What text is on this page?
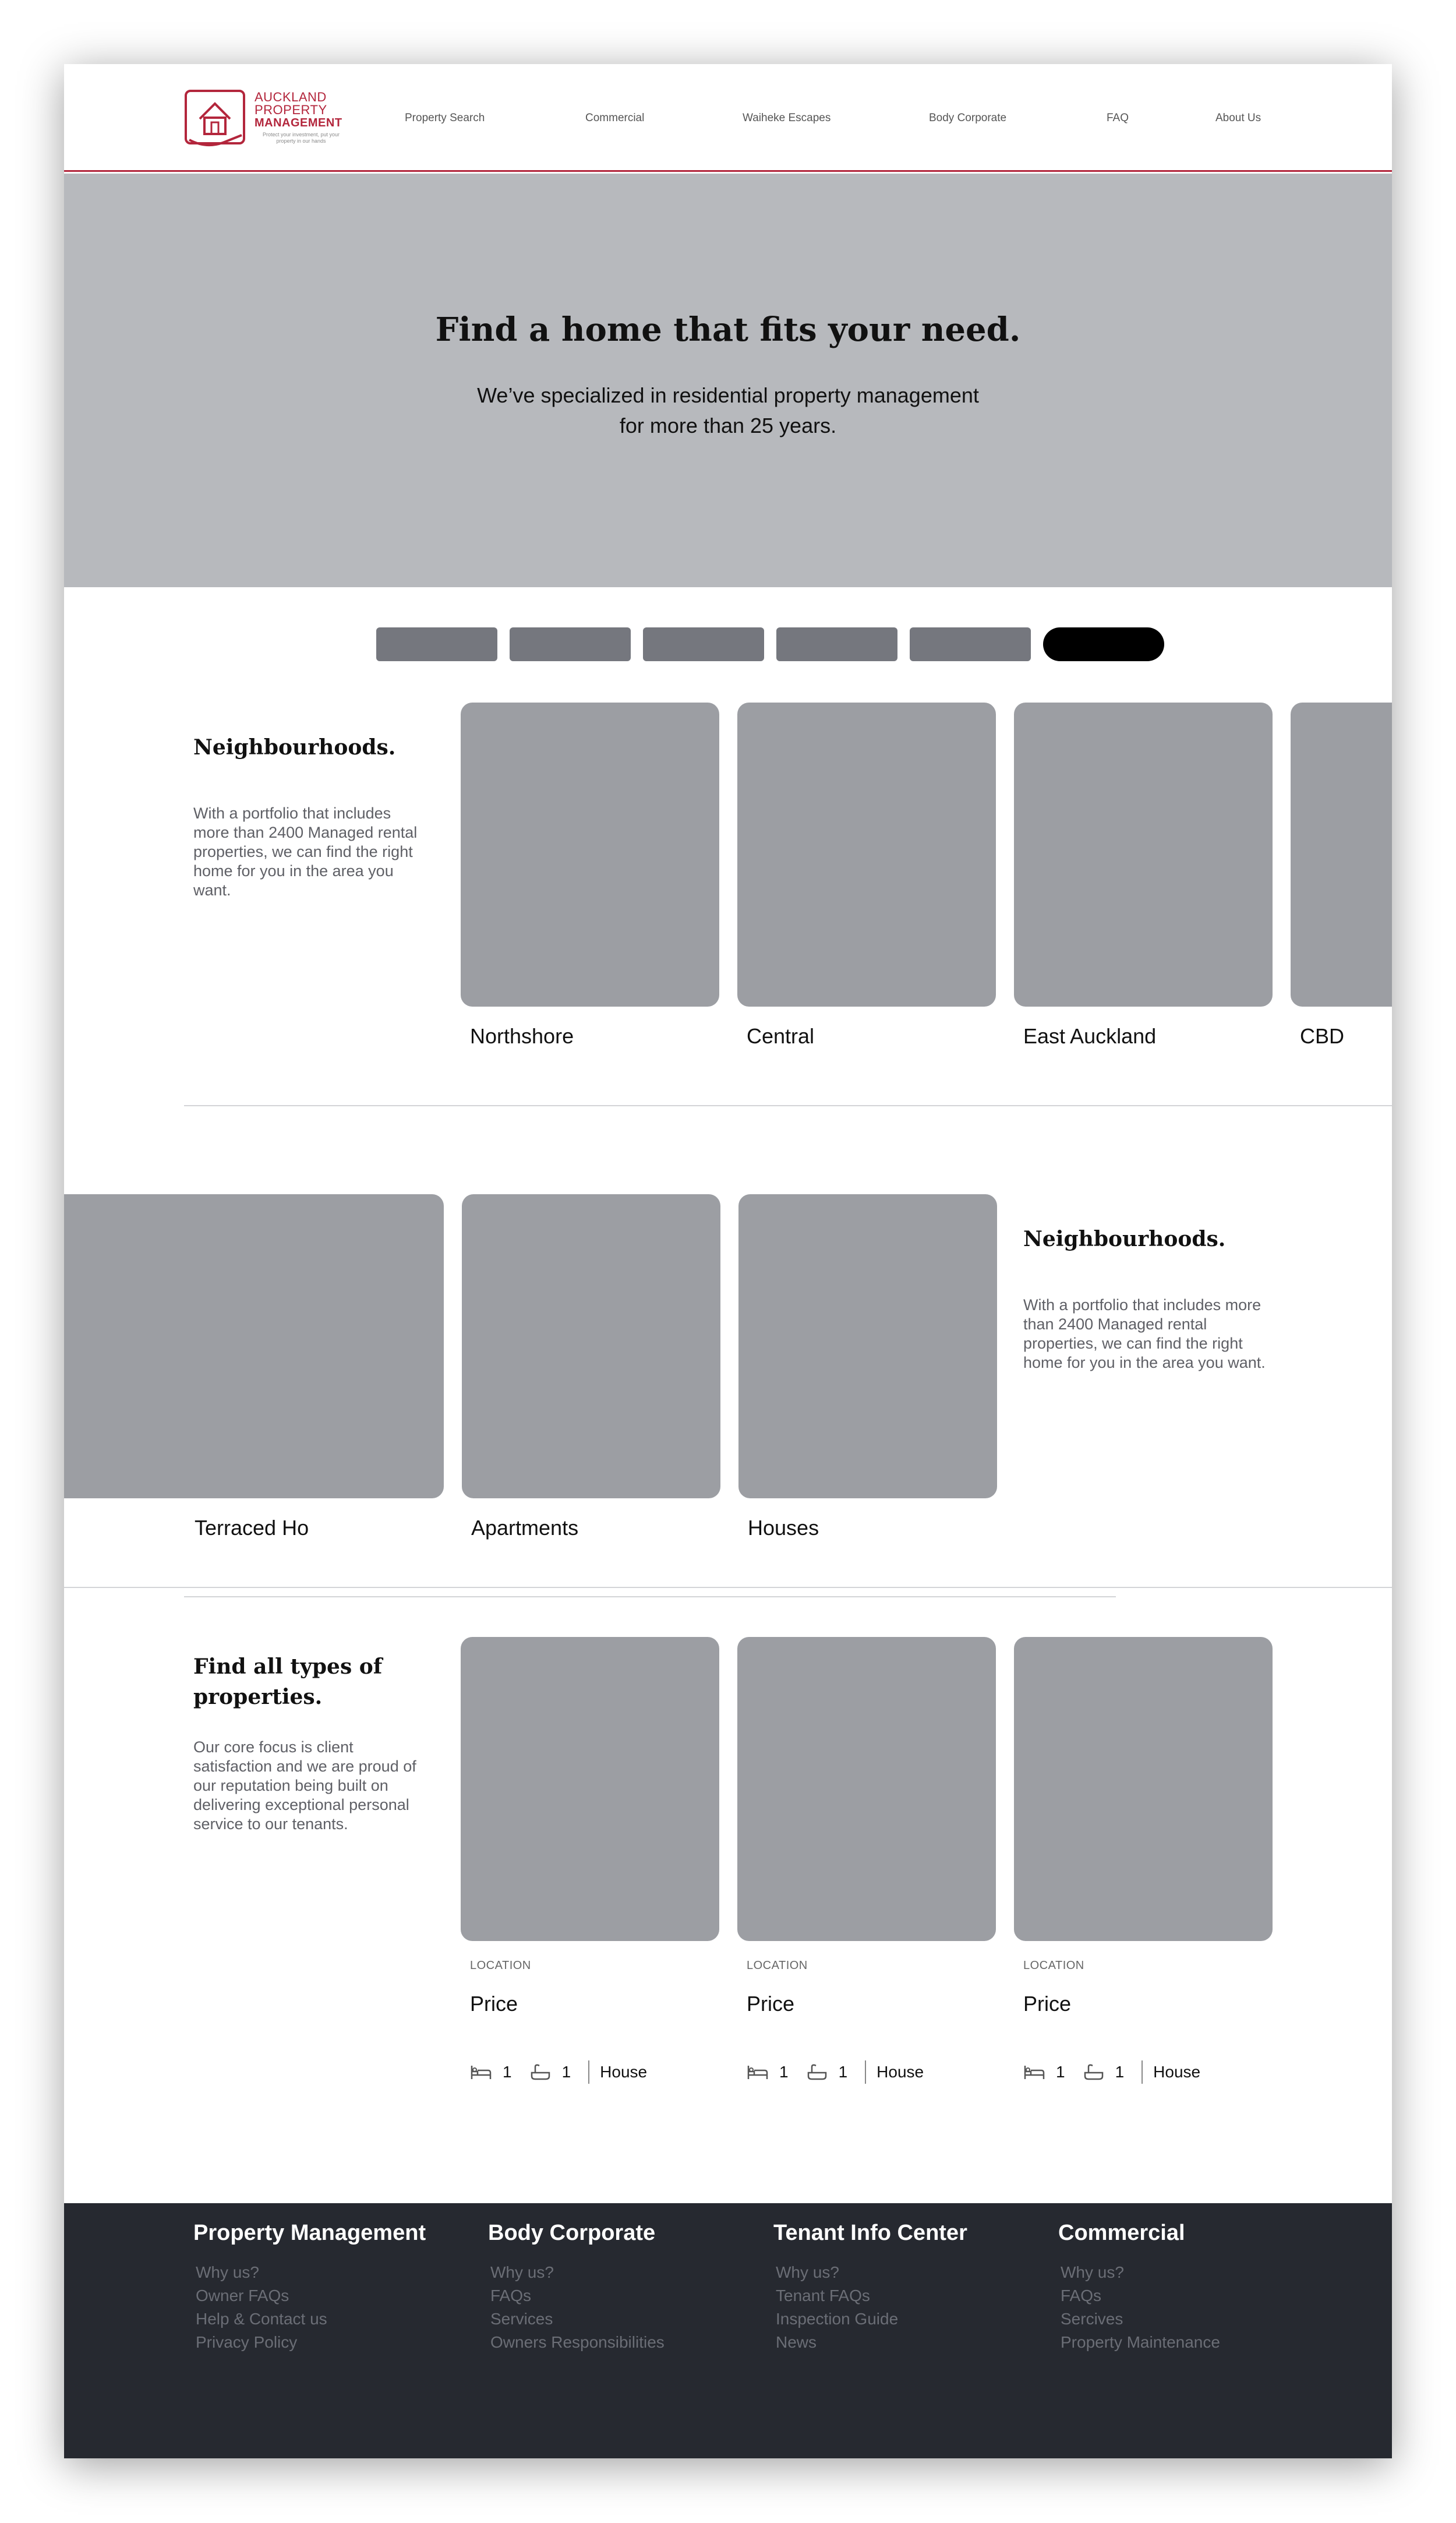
AUCKLAND
PROPERTY
MANAGEMENT
Protect your investment, put your property in our hands
Property Search	Commercial	Waiheke Escapes	Body Corporate	FAQ	About Us
Find a home that fits your need.
We’ve specialized in residential property management for more than 25 years.
Neighbourhoods.
With a portfolio that includes more than 2400 Managed rental properties, we can find the right home for you in the area you want.
Northshore	Central	East Auckland	CBD
Terraced Ho	Apartments	Houses
Neighbourhoods.
With a portfolio that includes more than 2400 Managed rental properties, we can find the right home for you in the area you want.
Find all types of properties.
Our core focus is client satisfaction and we are proud of our reputation being built on delivering exceptional personal service to our tenants.
LOCATION
Price
1	1 House
LOCATION
Price
1	1 House
LOCATION
Price
1	1 House
Property Management
Why us?
Owner FAQs
Help & Contact us
Privacy Policy
Body Corporate
Why us?
FAQs
Services
Owners Responsibilities
Tenant Info Center
Why us?
Tenant FAQs
Inspection Guide
News
Commercial
Why us?
FAQs
Sercives
Property Maintenance
